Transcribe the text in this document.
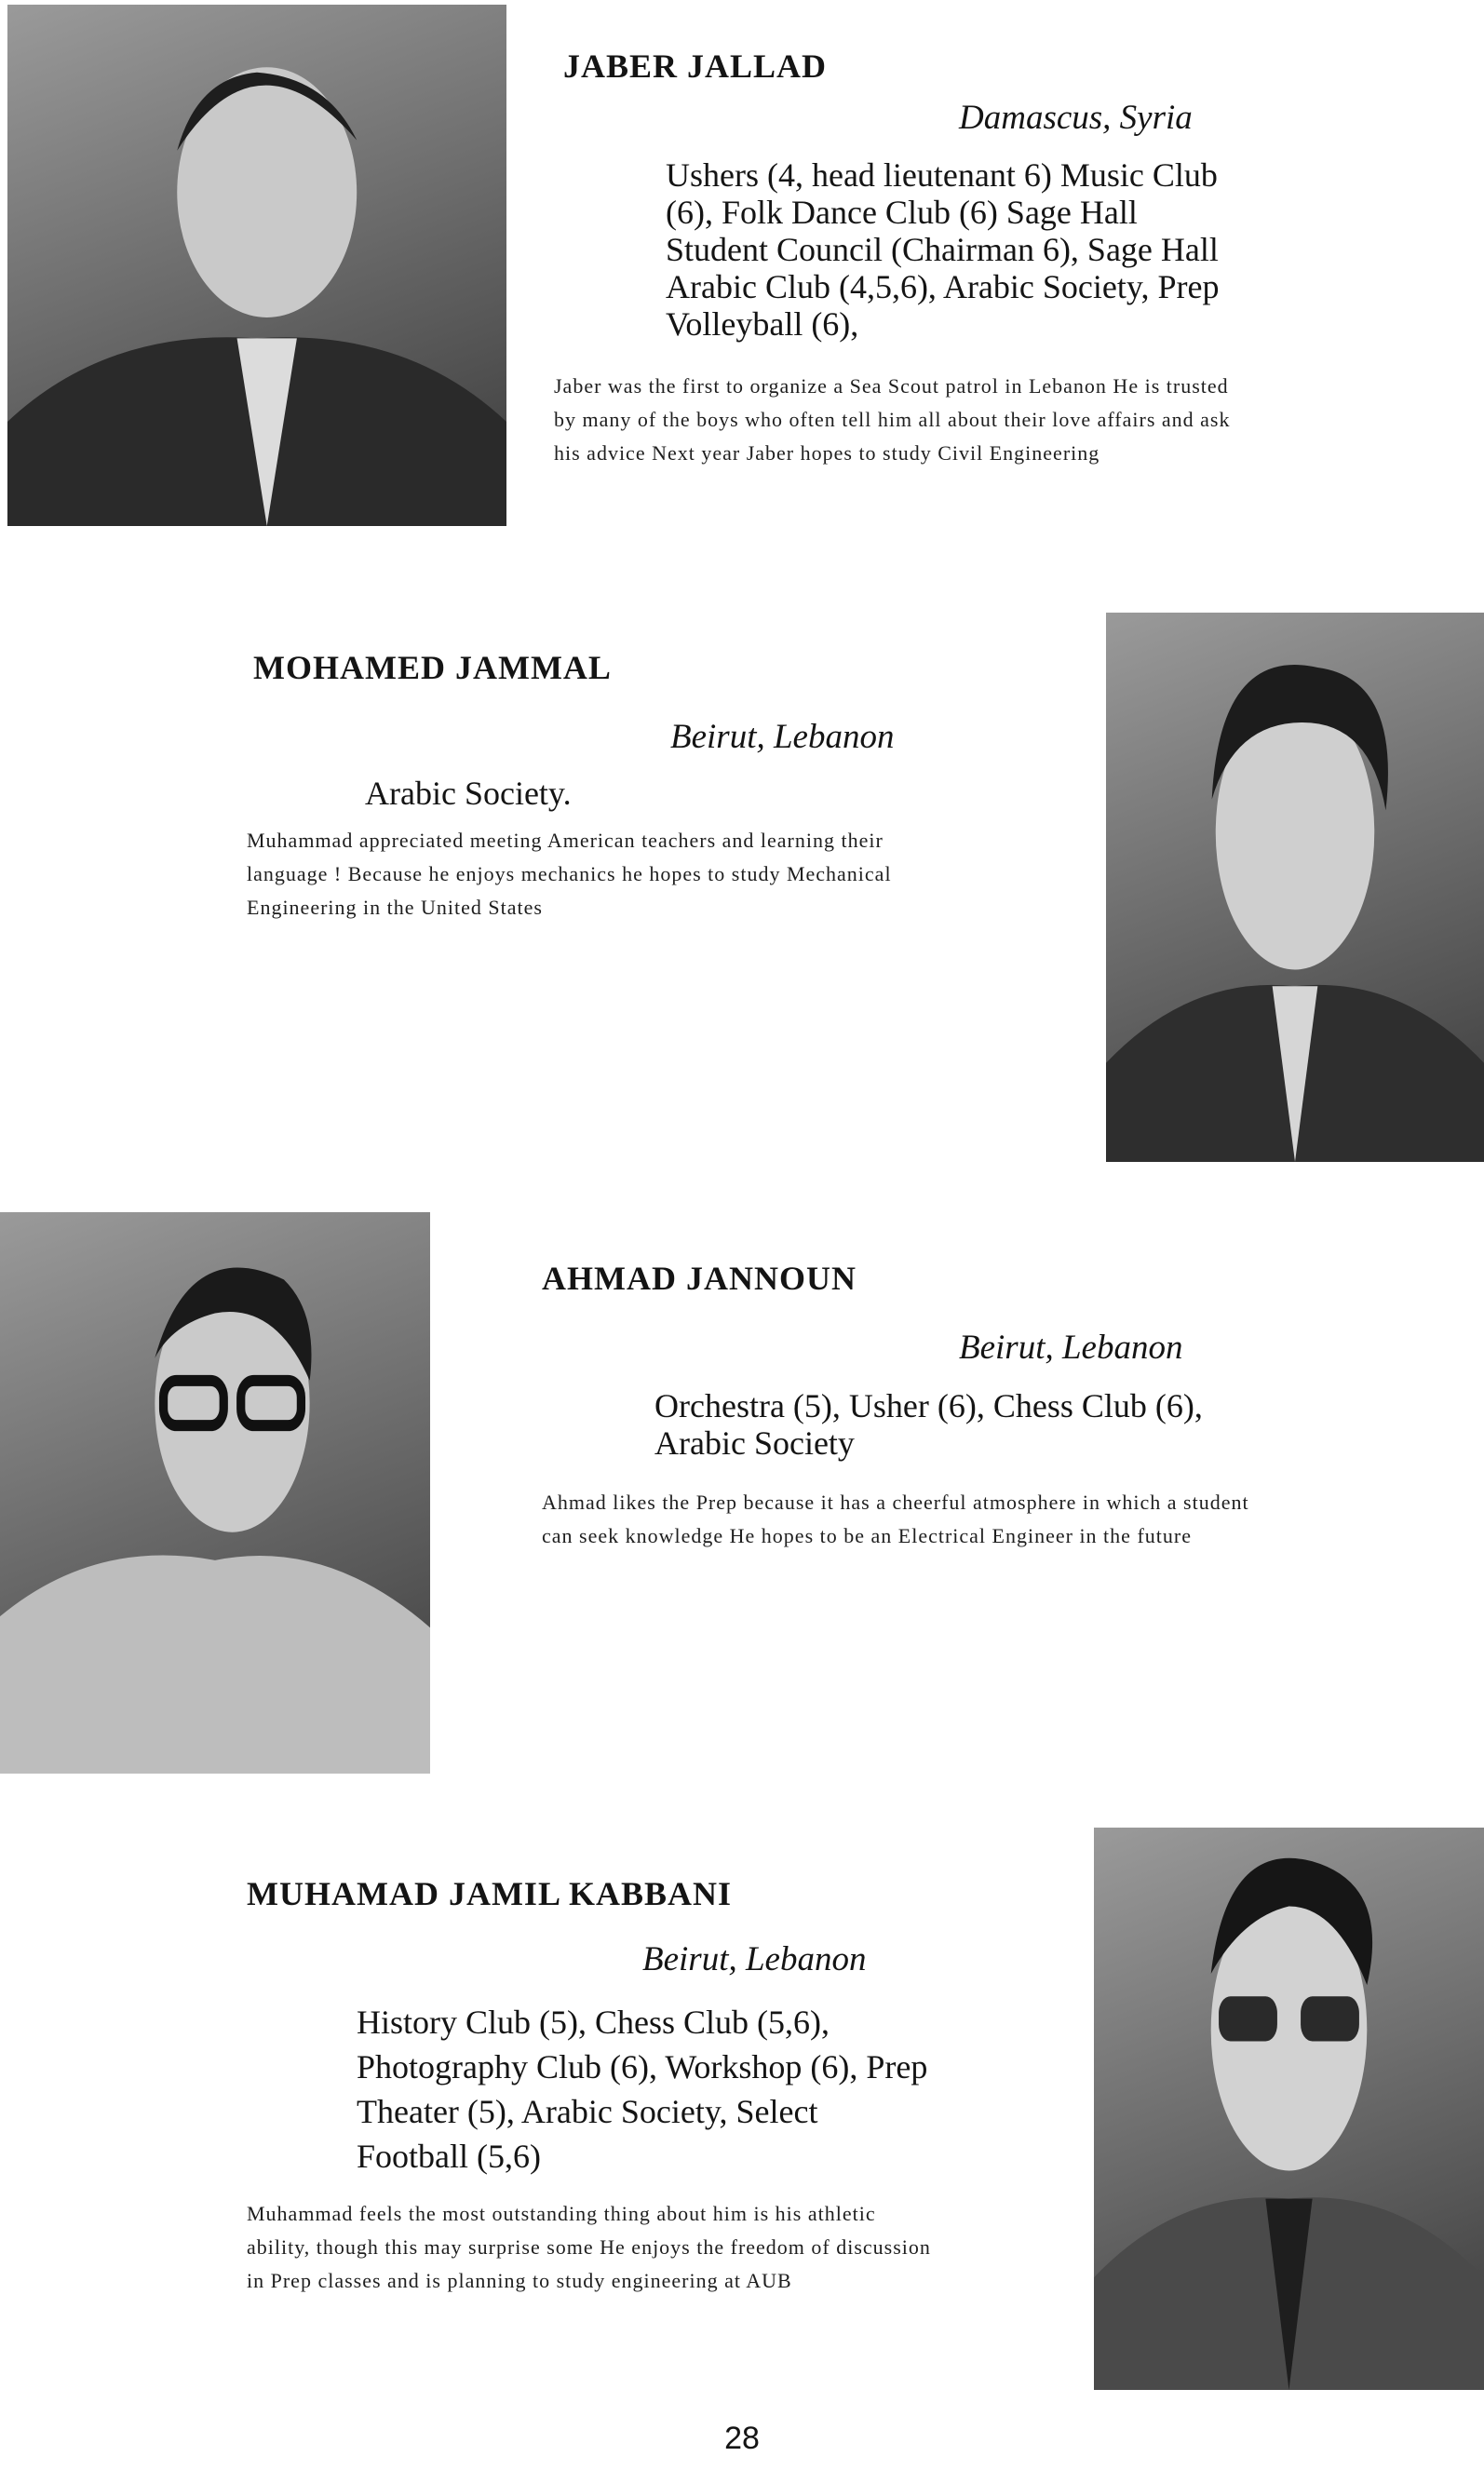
JABER JALLAD
Damascus, Syria
Ushers (4, head lieutenant 6) Music Club (6), Folk Dance Club (6) Sage Hall Student Council (Chairman 6), Sage Hall Arabic Club (4,5,6), Arabic Society, Prep Volleyball (6),
Jaber was the first to organize a Sea Scout patrol in Lebanon He is trusted by many of the boys who often tell him all about their love affairs and ask his advice Next year Jaber hopes to study Civil Engineering
MOHAMED JAMMAL
Beirut, Lebanon
Arabic Society.
Muhammad appreciated meeting American teachers and learning their language ! Because he enjoys mechanics he hopes to study Mechanical Engineering in the United States
AHMAD JANNOUN
Beirut, Lebanon
Orchestra (5), Usher (6), Chess Club (6), Arabic Society
Ahmad likes the Prep because it has a cheerful atmosphere in which a student can seek knowledge He hopes to be an Electrical Engineer in the future
MUHAMAD JAMIL KABBANI
Beirut, Lebanon
History Club (5), Chess Club (5,6), Photography Club (6), Workshop (6), Prep Theater (5), Arabic Society, Select Football (5,6)
Muhammad feels the most outstanding thing about him is his athletic ability, though this may surprise some He enjoys the freedom of discussion in Prep classes and is planning to study engineering at AUB
28
